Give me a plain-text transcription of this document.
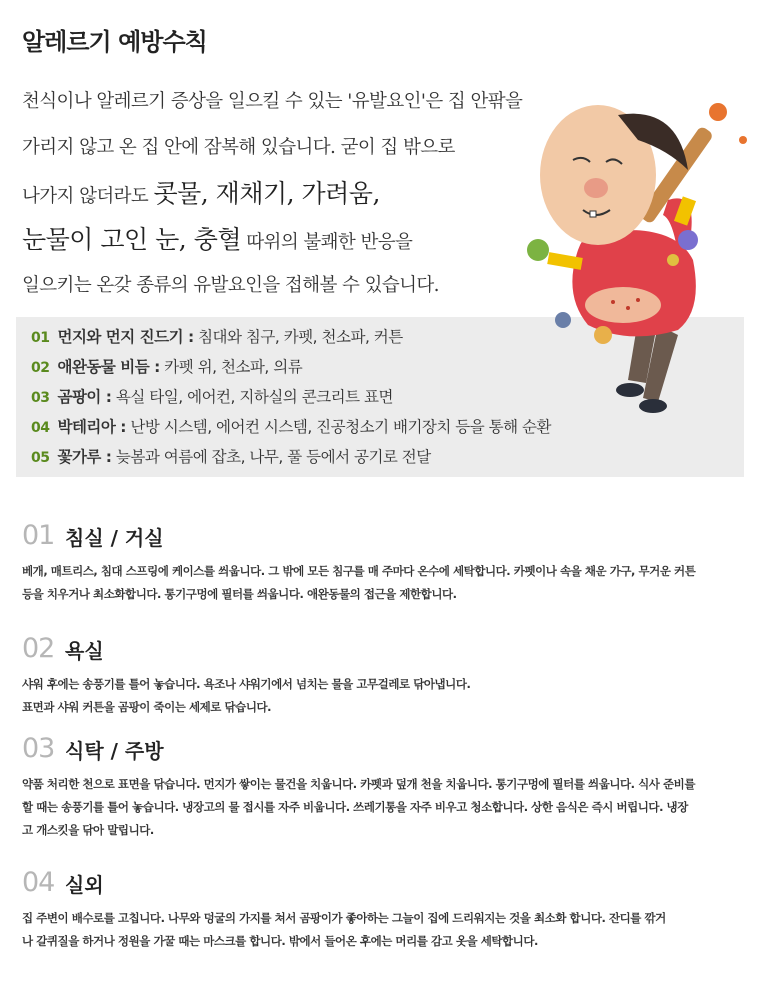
알레르기 예방수칙
천식이나 알레르기 증상을 일으킬 수 있는 '유발요인'은 집 안팎을
가리지 않고 온 집 안에 잠복해 있습니다. 굳이 집 밖으로
나가지 않더라도 콧물, 재채기, 가려움,
눈물이 고인 눈, 충혈 따위의 불쾌한 반응을
일으키는 온갖 종류의 유발요인을 접해볼 수 있습니다.
01 먼지와 먼지 진드기 : 침대와 침구, 카펫, 천소파, 커튼
02 애완동물 비듬 : 카펫 위, 천소파, 의류
03 곰팡이 : 욕실 타일, 에어컨, 지하실의 콘크리트 표면
04 박테리아 : 난방 시스템, 에어컨 시스템, 진공청소기 배기장치 등을 통해 순환
05 꽃가루 : 늦봄과 여름에 잡초, 나무, 풀 등에서 공기로 전달
01 침실 / 거실
베개, 매트리스, 침대 스프링에 케이스를 씌웁니다. 그 밖에 모든 침구를 매 주마다 온수에 세탁합니다. 카펫이나 속을 채운 가구, 무거운 커튼
등을 치우거나 최소화합니다. 통기구멍에 필터를 씌웁니다. 애완동물의 접근을 제한합니다.
02 욕실
샤워 후에는 송풍기를 틀어 놓습니다. 욕조나 샤워기에서 넘치는 물을 고무걸레로 닦아냅니다.
표면과 샤워 커튼을 곰팡이 죽이는 세제로 닦습니다.
03 식탁 / 주방
약품 처리한 천으로 표면을 닦습니다. 먼지가 쌓이는 물건을 치웁니다. 카펫과 덮개 천을 치웁니다. 통기구멍에 필터를 씌웁니다. 식사 준비를
할 때는 송풍기를 틀어 놓습니다. 냉장고의 물 접시를 자주 비웁니다. 쓰레기통을 자주 비우고 청소합니다. 상한 음식은 즉시 버립니다. 냉장
고 개스킷을 닦아 말립니다.
04 실외
집 주변이 배수로를 고칩니다. 나무와 덩굴의 가지를 쳐서 곰팡이가 좋아하는 그늘이 집에 드리워지는 것을 최소화 합니다. 잔디를 깎거
나 갈퀴질을 하거나 정원을 가꿀 때는 마스크를 합니다. 밖에서 들어온 후에는 머리를 감고 옷을 세탁합니다.
